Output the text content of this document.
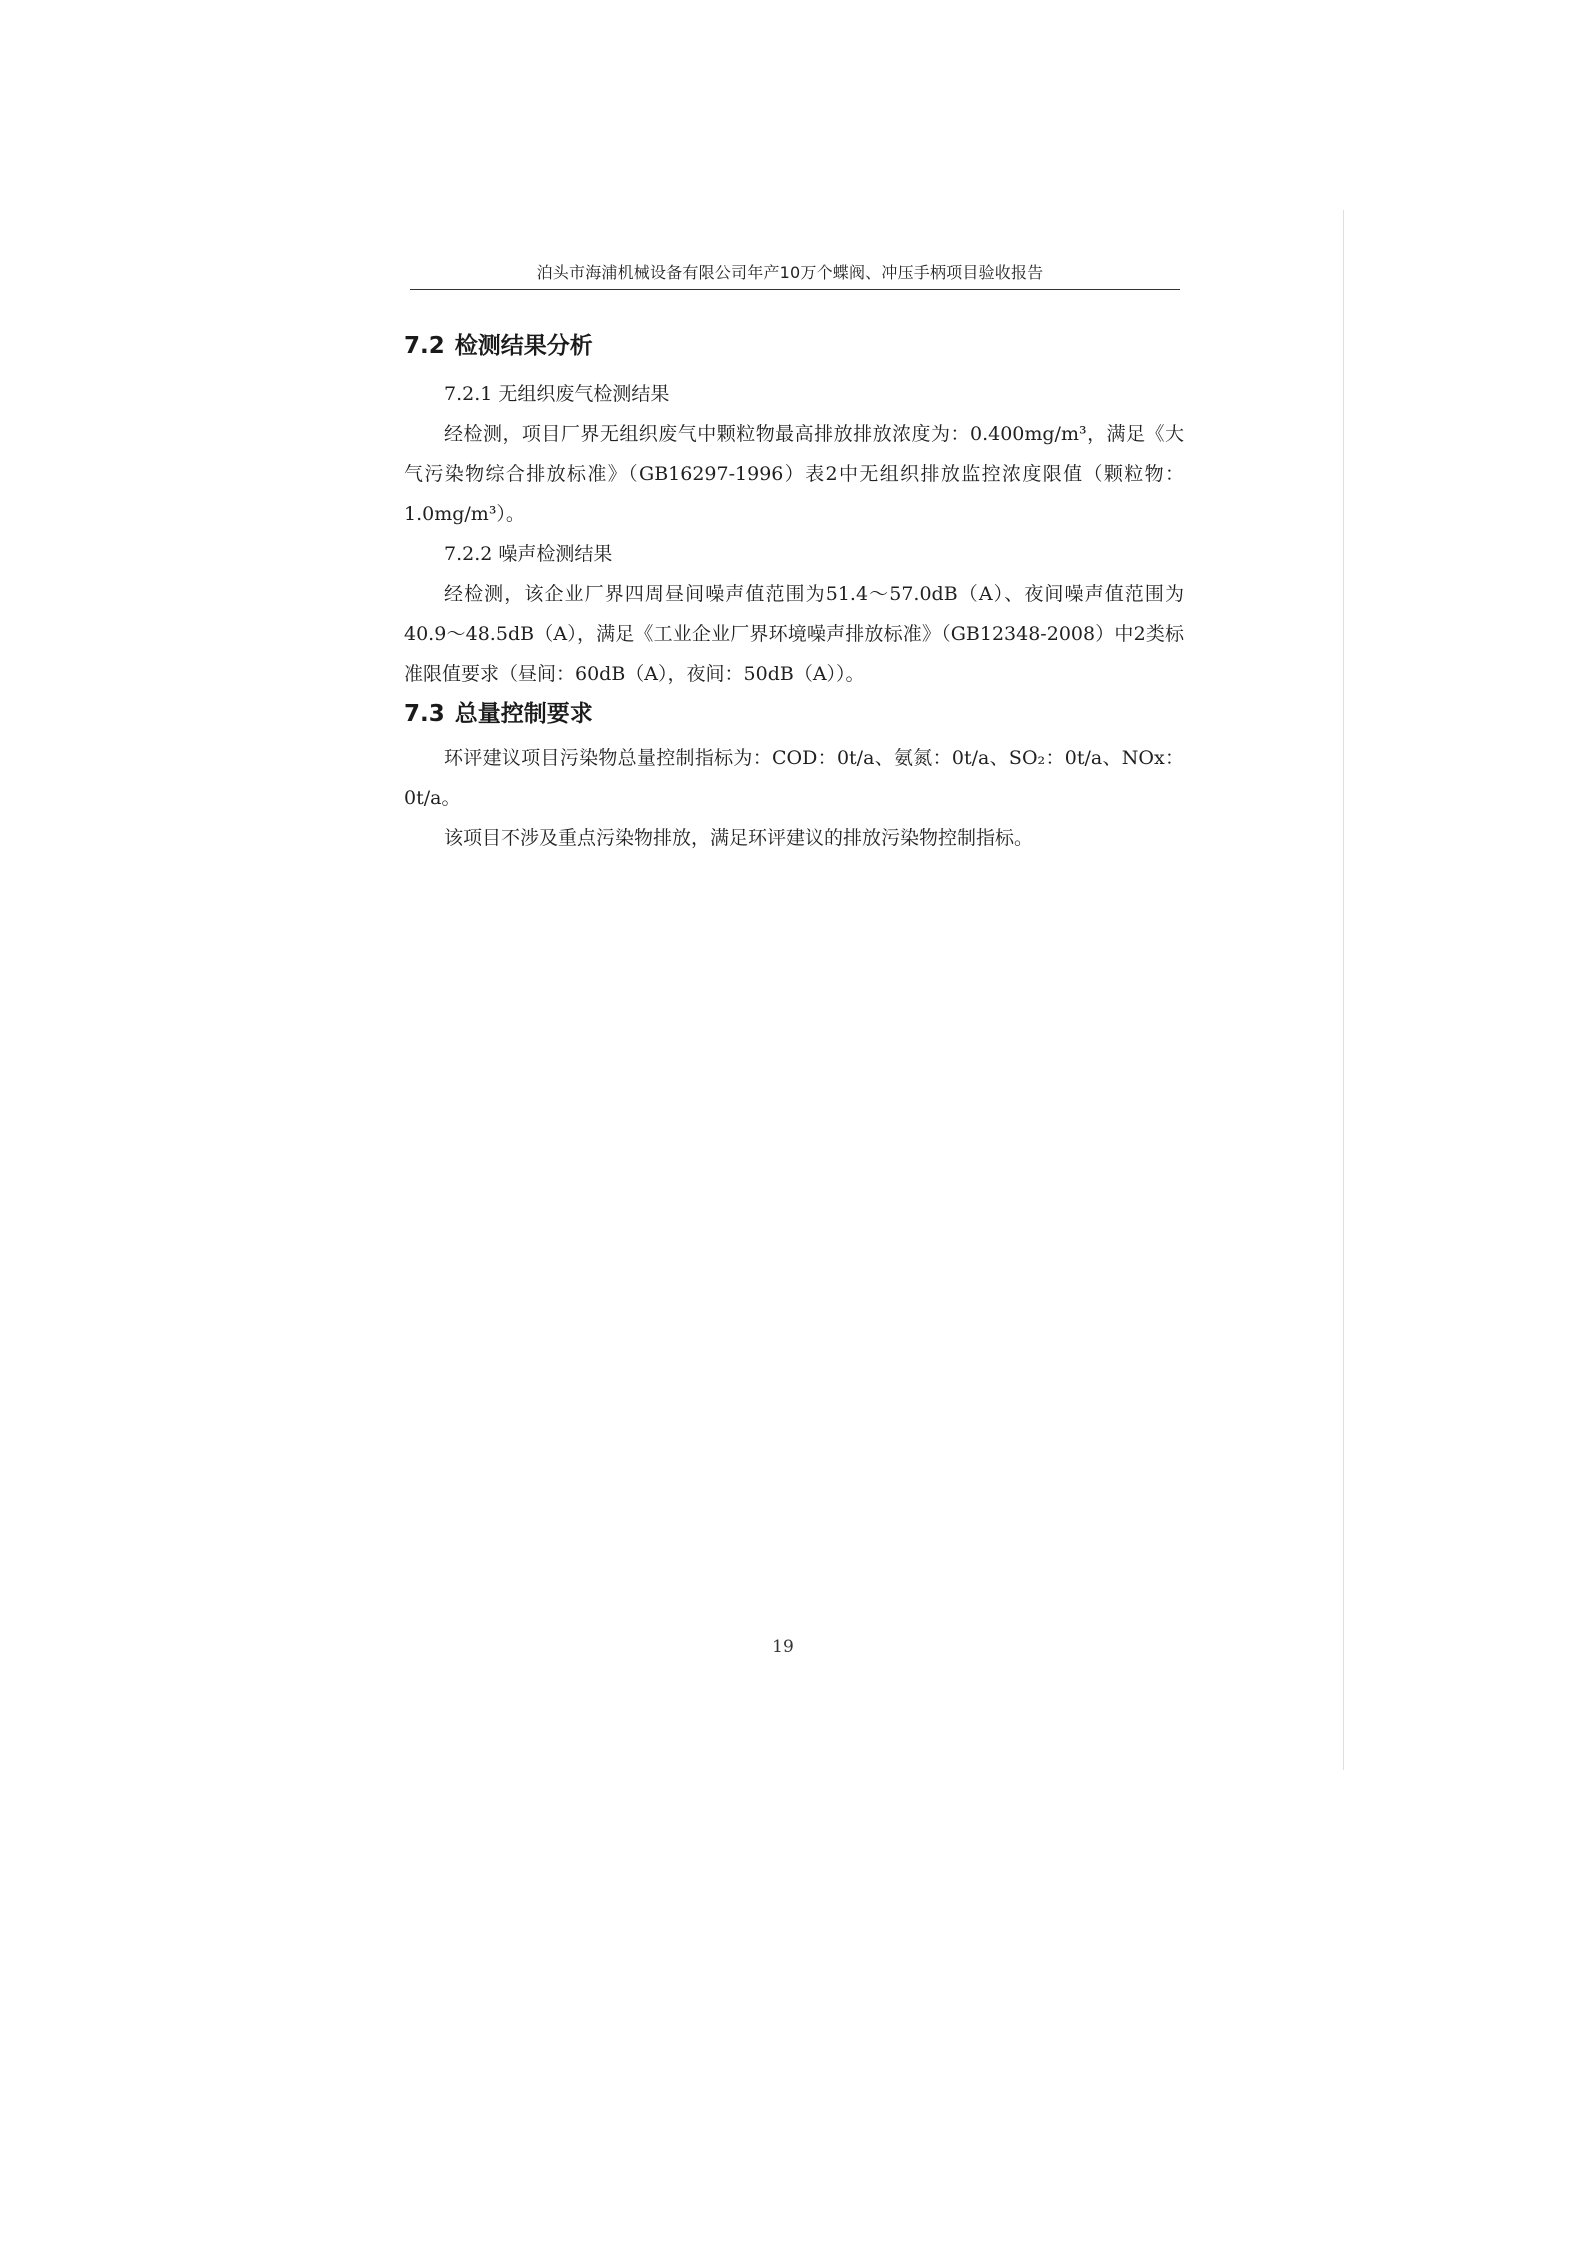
泊头市海浦机械设备有限公司年产10万个蝶阀、冲压手柄项目验收报告
7.2 检测结果分析
7.2.1 无组织废气检测结果

经检测，项目厂界无组织废气中颗粒物最高排放排放浓度为：0.400mg/m³，满足《大气污染物综合排放标准》（GB16297-1996）表2中无组织排放监控浓度限值（颗粒物：1.0mg/m³）。

7.2.2 噪声检测结果

经检测，该企业厂界四周昼间噪声值范围为51.4～57.0dB（A）、夜间噪声值范围为40.9～48.5dB（A），满足《工业企业厂界环境噪声排放标准》（GB12348-2008）中2类标准限值要求（昼间：60dB（A），夜间：50dB（A））。

7.3 总量控制要求

环评建议项目污染物总量控制指标为：COD：0t/a、氨氮：0t/a、SO₂：0t/a、NOx：0t/a。

该项目不涉及重点污染物排放，满足环评建议的排放污染物控制指标。

19
